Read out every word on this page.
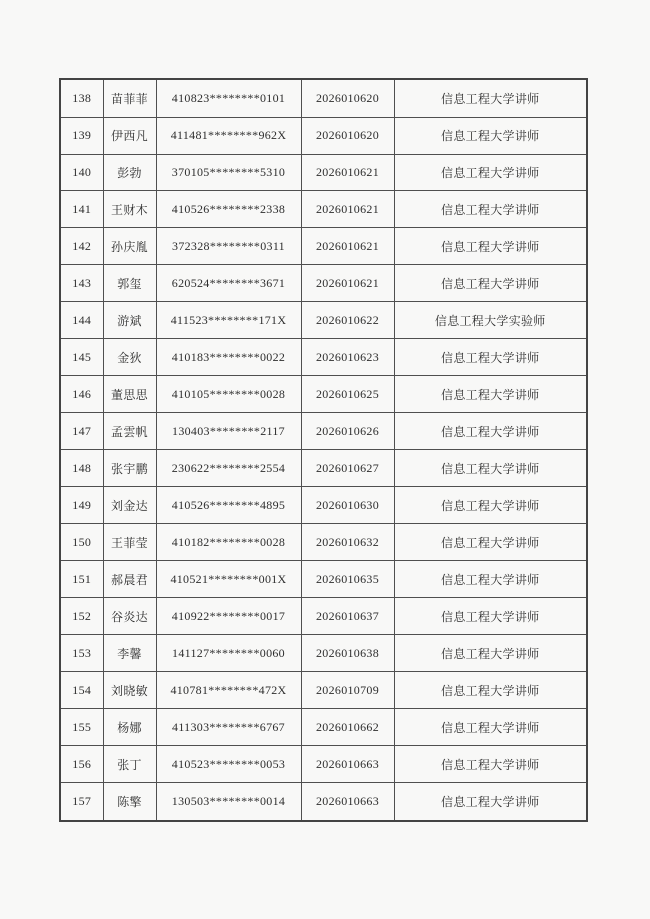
138	苗菲菲	410823********0101	2026010620	信息工程大学讲师
139	伊西凡	411481********962X	2026010620	信息工程大学讲师
140	彭勃	370105********5310	2026010621	信息工程大学讲师
141	王财木	410526********2338	2026010621	信息工程大学讲师
142	孙庆胤	372328********0311	2026010621	信息工程大学讲师
143	郭玺	620524********3671	2026010621	信息工程大学讲师
144	游斌	411523********171X	2026010622	信息工程大学实验师
145	金狄	410183********0022	2026010623	信息工程大学讲师
146	董思思	410105********0028	2026010625	信息工程大学讲师
147	孟雲帆	130403********2117	2026010626	信息工程大学讲师
148	张宇鹏	230622********2554	2026010627	信息工程大学讲师
149	刘金达	410526********4895	2026010630	信息工程大学讲师
150	王菲莹	410182********0028	2026010632	信息工程大学讲师
151	郝晨君	410521********001X	2026010635	信息工程大学讲师
152	谷炎达	410922********0017	2026010637	信息工程大学讲师
153	李馨	141127********0060	2026010638	信息工程大学讲师
154	刘晓敏	410781********472X	2026010709	信息工程大学讲师
155	杨娜	411303********6767	2026010662	信息工程大学讲师
156	张丁	410523********0053	2026010663	信息工程大学讲师
157	陈擎	130503********0014	2026010663	信息工程大学讲师
